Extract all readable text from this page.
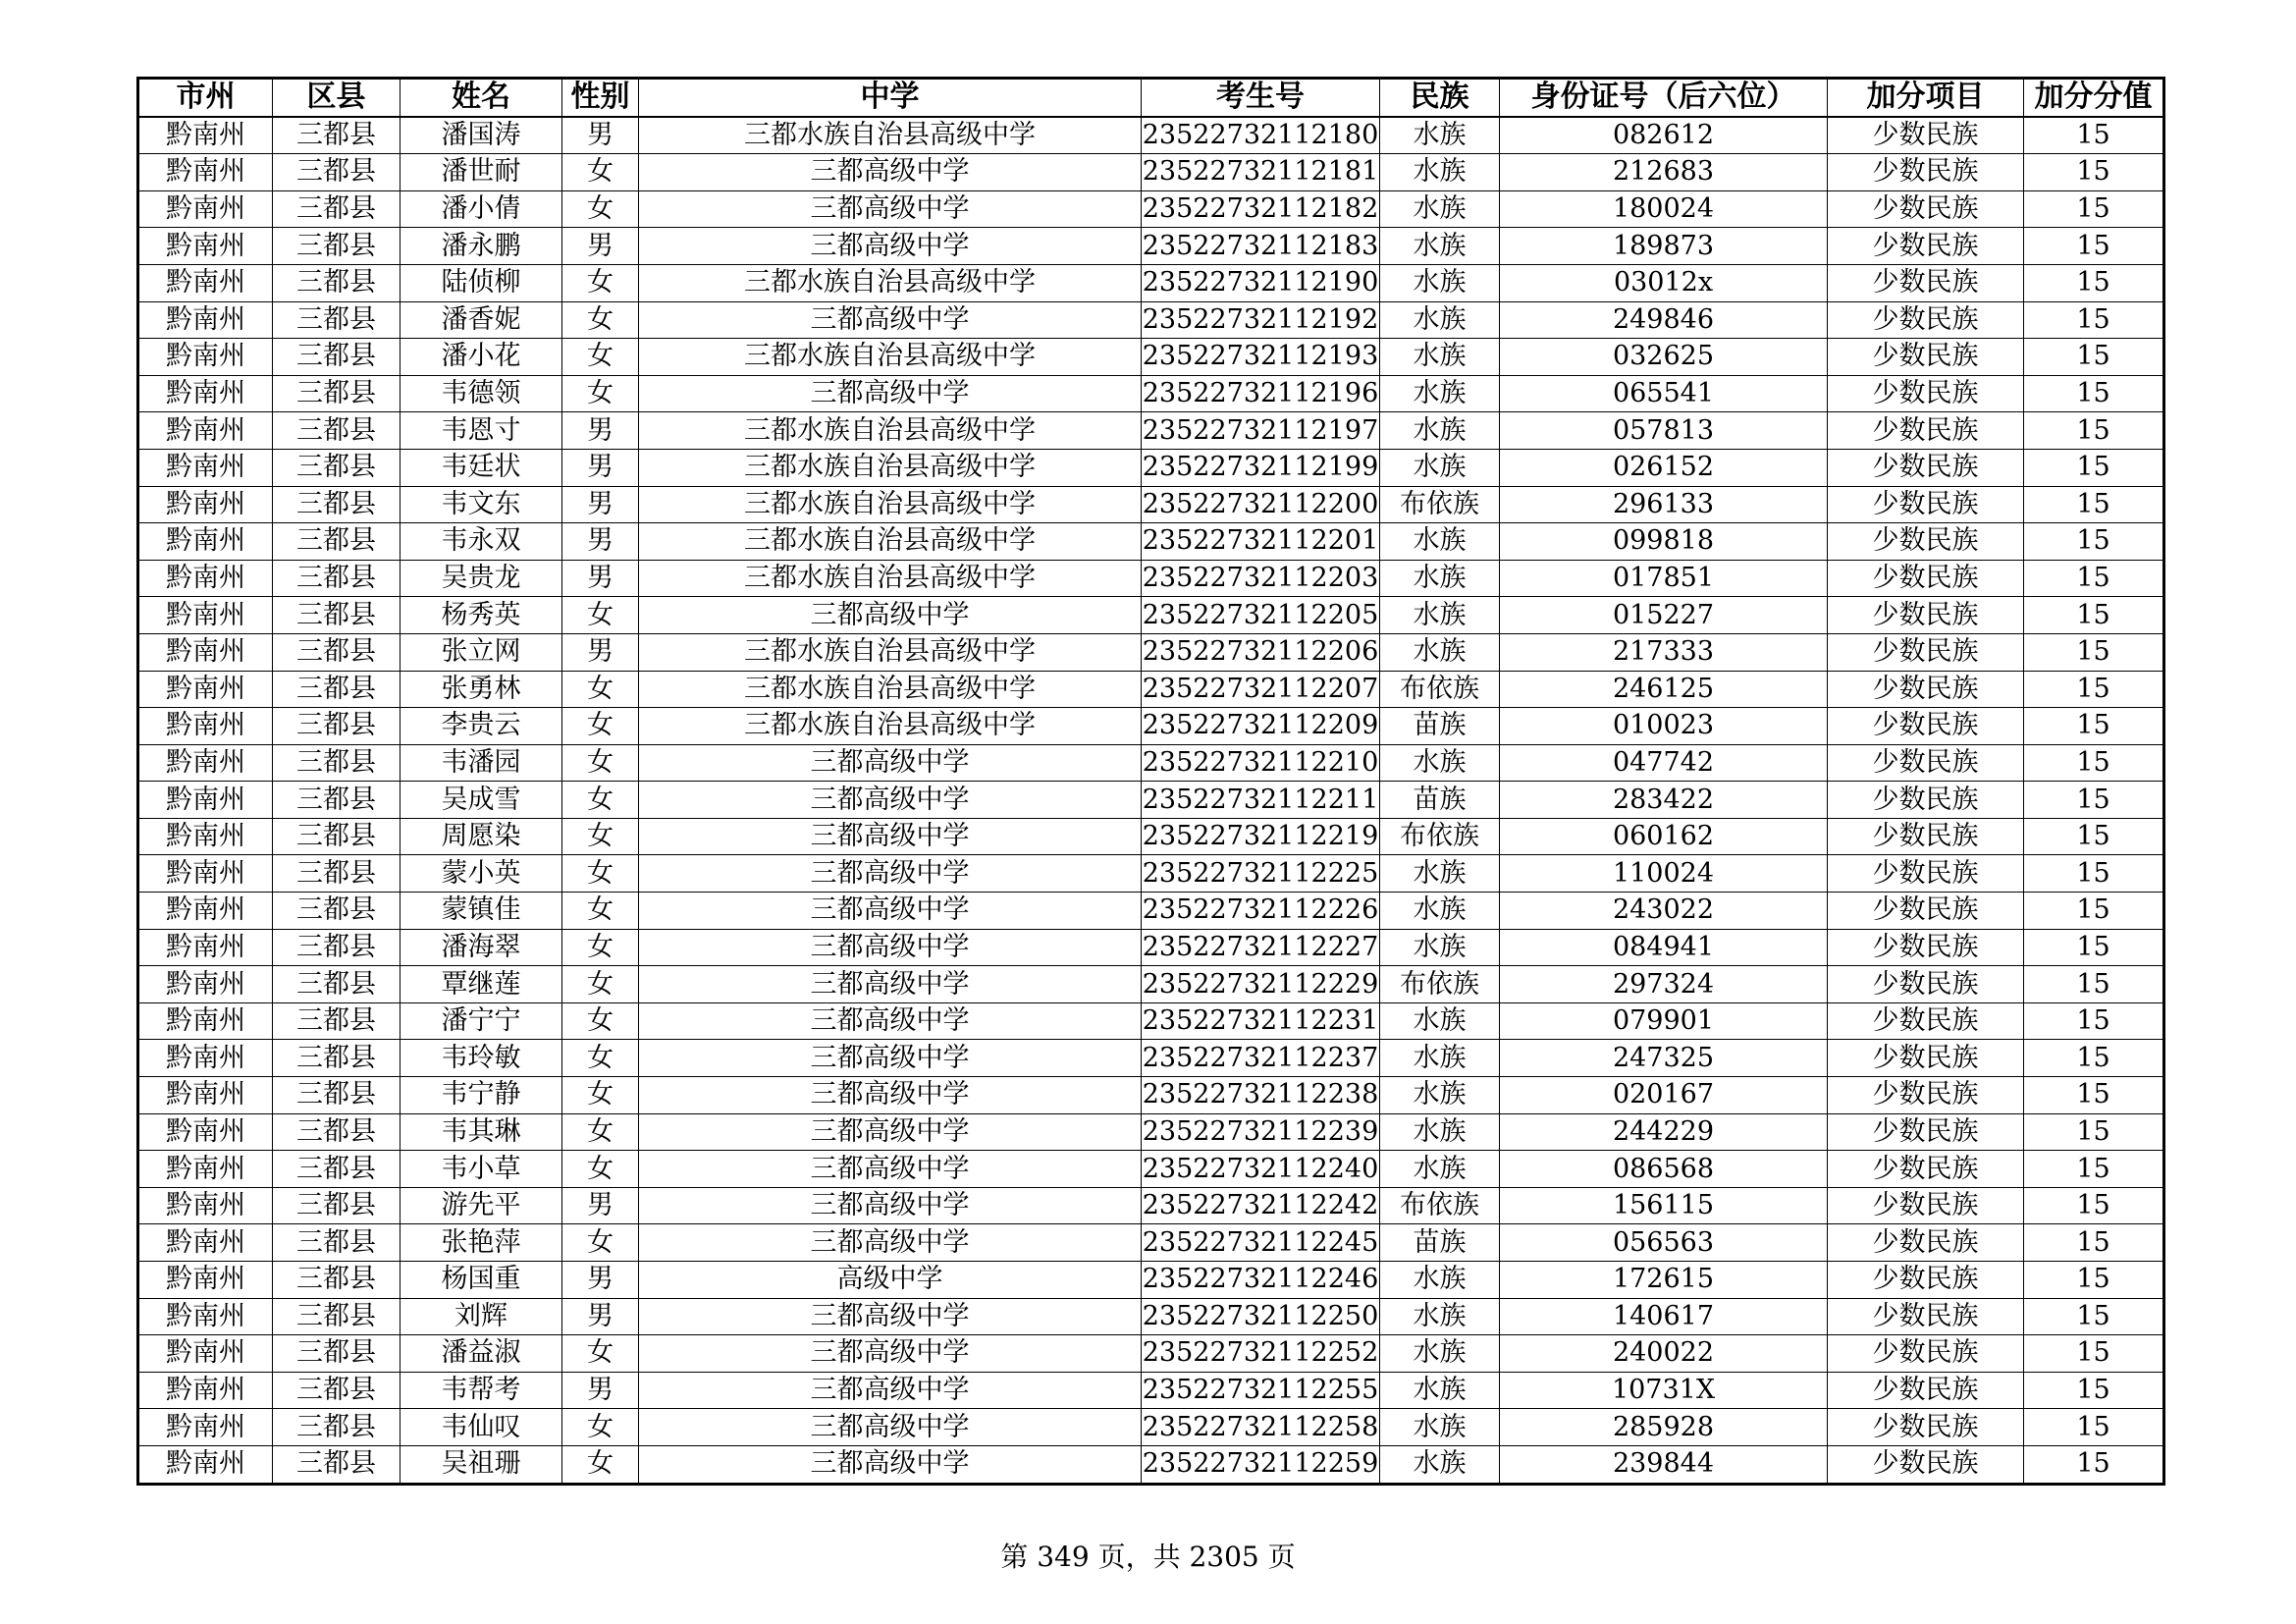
市州	区县	姓名	性别	中学	考生号	民族	身份证号（后六位）	加分项目	加分分值
黔南州	三都县	潘国涛	男	三都水族自治县高级中学	23522732112180	水族	082612	少数民族	15
黔南州	三都县	潘世耐	女	三都高级中学	23522732112181	水族	212683	少数民族	15
黔南州	三都县	潘小倩	女	三都高级中学	23522732112182	水族	180024	少数民族	15
黔南州	三都县	潘永鹏	男	三都高级中学	23522732112183	水族	189873	少数民族	15
黔南州	三都县	陆侦柳	女	三都水族自治县高级中学	23522732112190	水族	03012x	少数民族	15
黔南州	三都县	潘香妮	女	三都高级中学	23522732112192	水族	249846	少数民族	15
黔南州	三都县	潘小花	女	三都水族自治县高级中学	23522732112193	水族	032625	少数民族	15
黔南州	三都县	韦德领	女	三都高级中学	23522732112196	水族	065541	少数民族	15
黔南州	三都县	韦恩寸	男	三都水族自治县高级中学	23522732112197	水族	057813	少数民族	15
黔南州	三都县	韦廷状	男	三都水族自治县高级中学	23522732112199	水族	026152	少数民族	15
黔南州	三都县	韦文东	男	三都水族自治县高级中学	23522732112200	布依族	296133	少数民族	15
黔南州	三都县	韦永双	男	三都水族自治县高级中学	23522732112201	水族	099818	少数民族	15
黔南州	三都县	吴贵龙	男	三都水族自治县高级中学	23522732112203	水族	017851	少数民族	15
黔南州	三都县	杨秀英	女	三都高级中学	23522732112205	水族	015227	少数民族	15
黔南州	三都县	张立网	男	三都水族自治县高级中学	23522732112206	水族	217333	少数民族	15
黔南州	三都县	张勇林	女	三都水族自治县高级中学	23522732112207	布依族	246125	少数民族	15
黔南州	三都县	李贵云	女	三都水族自治县高级中学	23522732112209	苗族	010023	少数民族	15
黔南州	三都县	韦潘园	女	三都高级中学	23522732112210	水族	047742	少数民族	15
黔南州	三都县	吴成雪	女	三都高级中学	23522732112211	苗族	283422	少数民族	15
黔南州	三都县	周愿染	女	三都高级中学	23522732112219	布依族	060162	少数民族	15
黔南州	三都县	蒙小英	女	三都高级中学	23522732112225	水族	110024	少数民族	15
黔南州	三都县	蒙镇佳	女	三都高级中学	23522732112226	水族	243022	少数民族	15
黔南州	三都县	潘海翠	女	三都高级中学	23522732112227	水族	084941	少数民族	15
黔南州	三都县	覃继莲	女	三都高级中学	23522732112229	布依族	297324	少数民族	15
黔南州	三都县	潘宁宁	女	三都高级中学	23522732112231	水族	079901	少数民族	15
黔南州	三都县	韦玲敏	女	三都高级中学	23522732112237	水族	247325	少数民族	15
黔南州	三都县	韦宁静	女	三都高级中学	23522732112238	水族	020167	少数民族	15
黔南州	三都县	韦其琳	女	三都高级中学	23522732112239	水族	244229	少数民族	15
黔南州	三都县	韦小草	女	三都高级中学	23522732112240	水族	086568	少数民族	15
黔南州	三都县	游先平	男	三都高级中学	23522732112242	布依族	156115	少数民族	15
黔南州	三都县	张艳萍	女	三都高级中学	23522732112245	苗族	056563	少数民族	15
黔南州	三都县	杨国重	男	高级中学	23522732112246	水族	172615	少数民族	15
黔南州	三都县	刘辉	男	三都高级中学	23522732112250	水族	140617	少数民族	15
黔南州	三都县	潘益淑	女	三都高级中学	23522732112252	水族	240022	少数民族	15
黔南州	三都县	韦帮考	男	三都高级中学	23522732112255	水族	10731X	少数民族	15
黔南州	三都县	韦仙叹	女	三都高级中学	23522732112258	水族	285928	少数民族	15
黔南州	三都县	吴祖珊	女	三都高级中学	23522732112259	水族	239844	少数民族	15
第 349 页，共 2305 页
